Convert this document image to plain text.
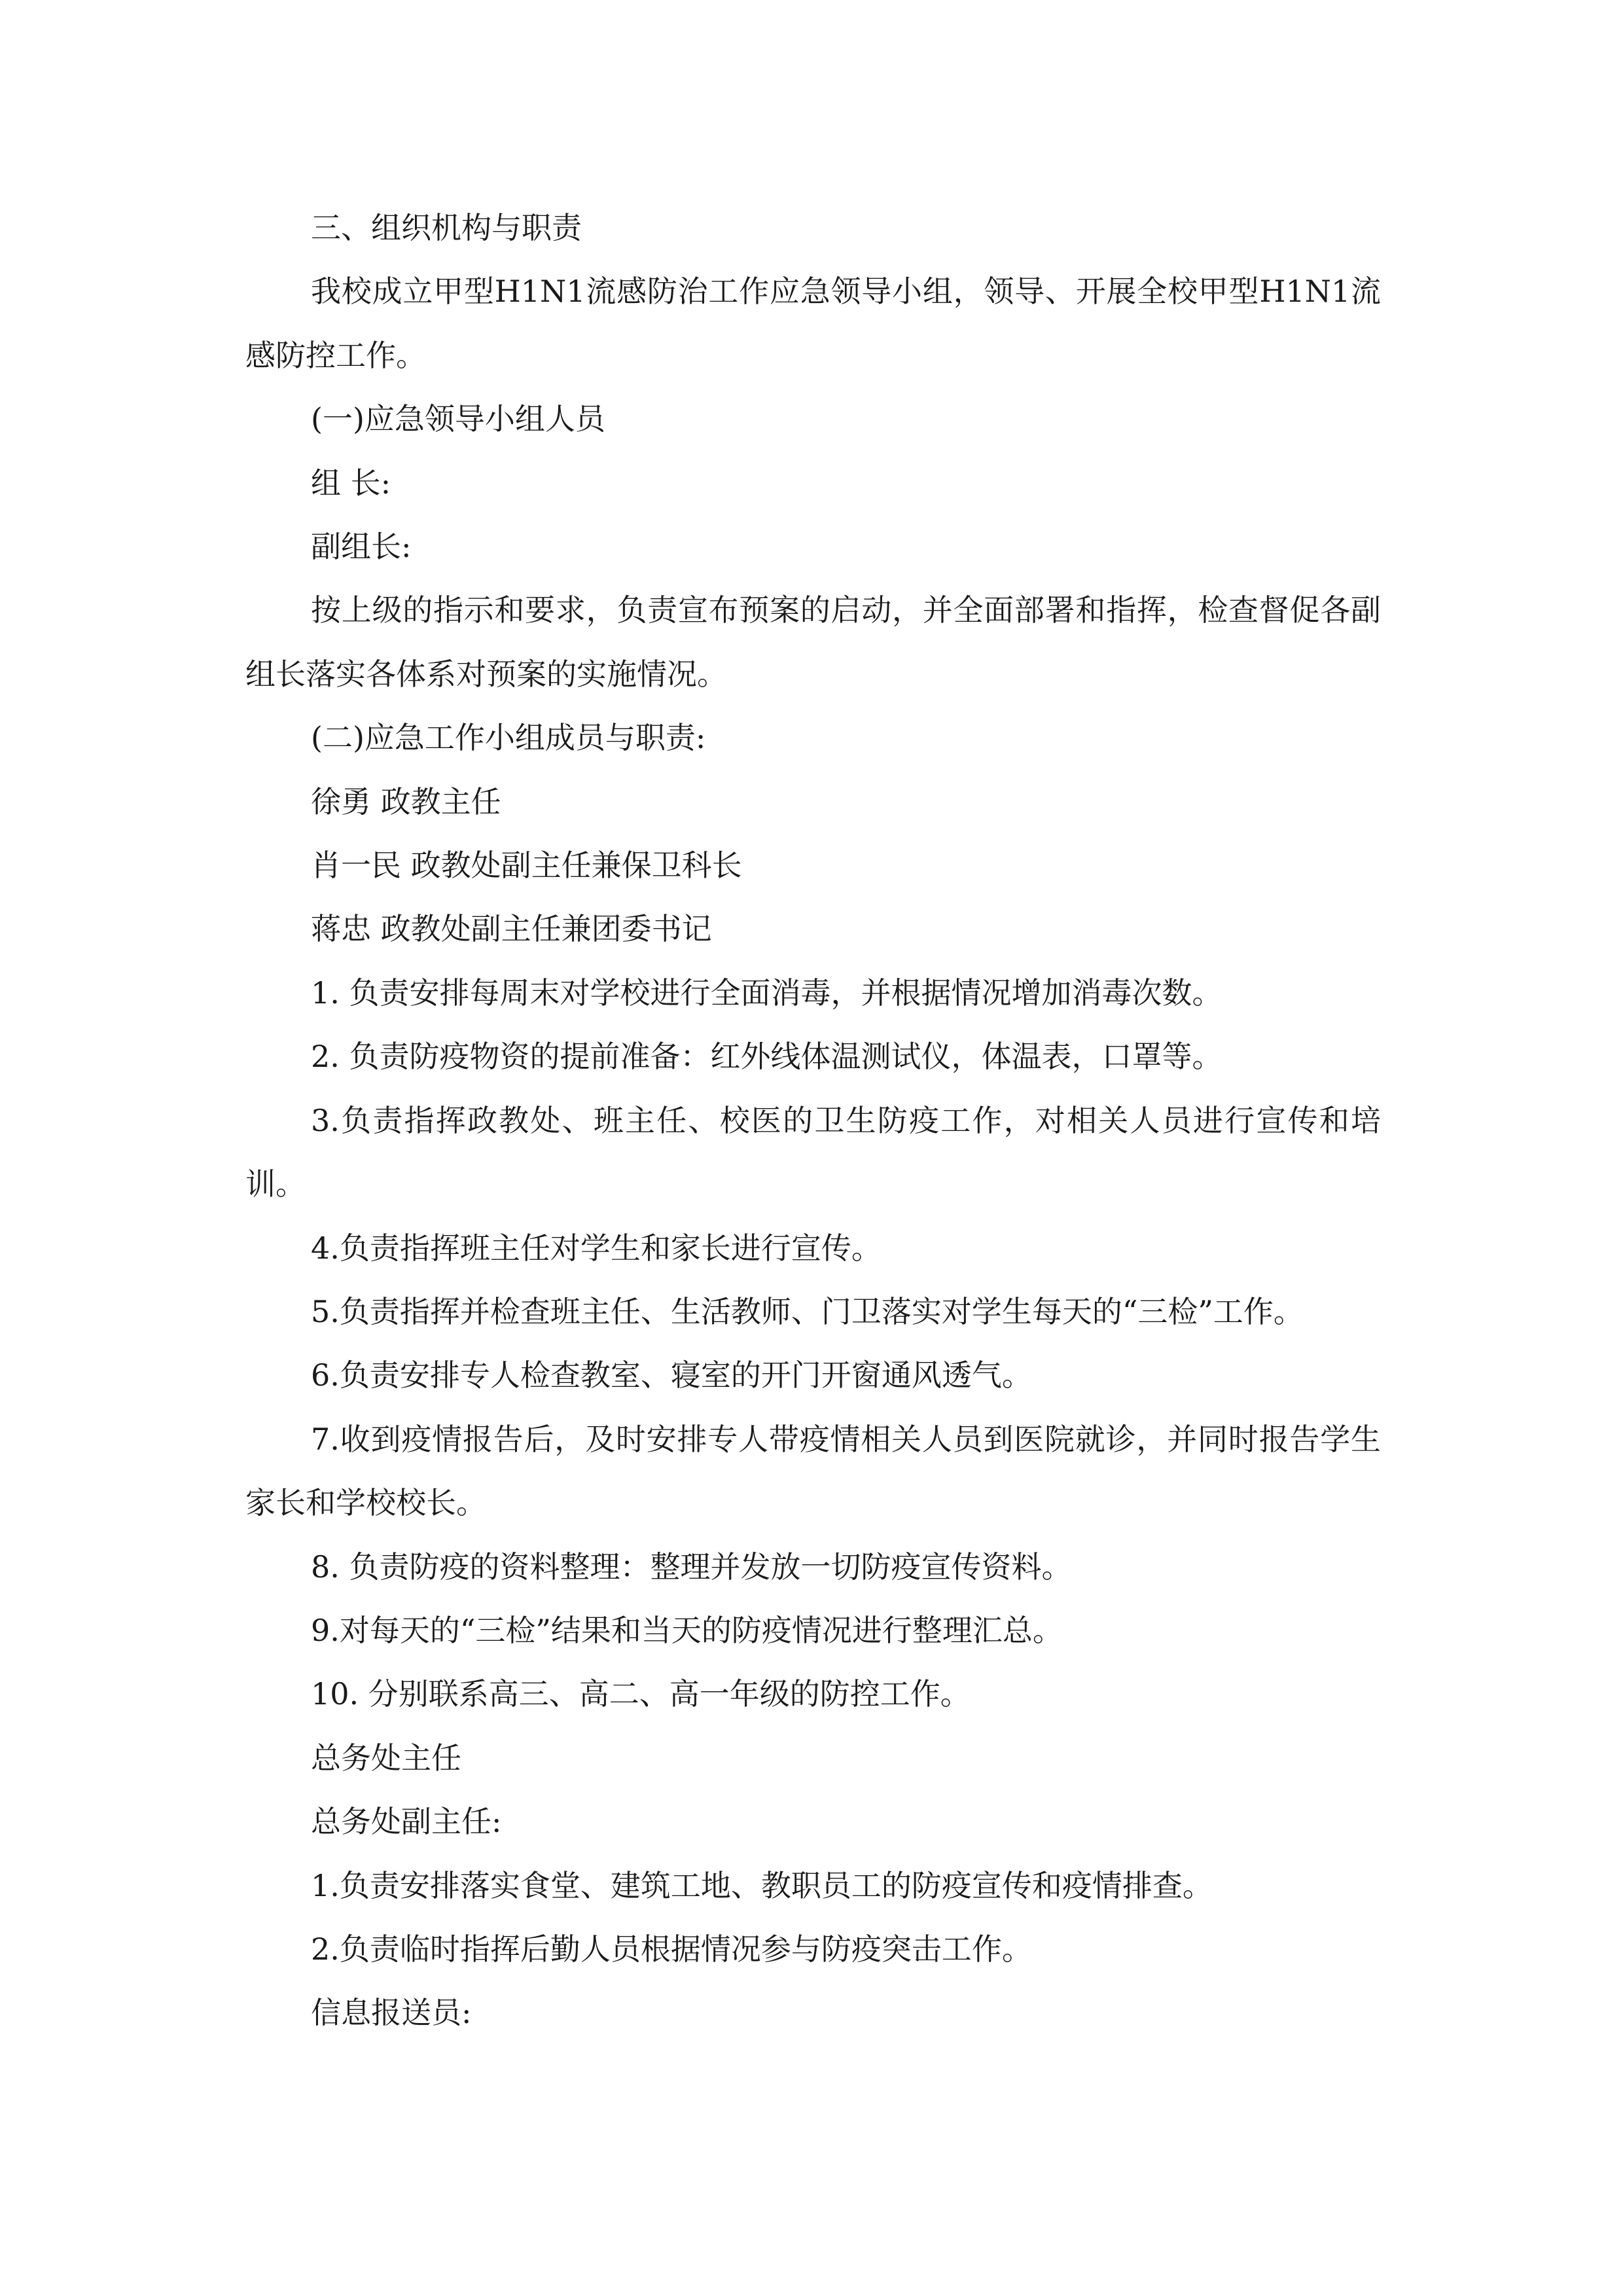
三、组织机构与职责

我校成立甲型H1N1流感防治工作应急领导小组，领导、开展全校甲型H1N1流感防控工作。

(一)应急领导小组人员

组 长:

副组长:

按上级的指示和要求，负责宣布预案的启动，并全面部署和指挥，检查督促各副组长落实各体系对预案的实施情况。

(二)应急工作小组成员与职责:

徐勇 政教主任

肖一民 政教处副主任兼保卫科长

蒋忠 政教处副主任兼团委书记

1. 负责安排每周末对学校进行全面消毒，并根据情况增加消毒次数。

2. 负责防疫物资的提前准备：红外线体温测试仪，体温表，口罩等。

3.负责指挥政教处、班主任、校医的卫生防疫工作，对相关人员进行宣传和培训。

4.负责指挥班主任对学生和家长进行宣传。

5.负责指挥并检查班主任、生活教师、门卫落实对学生每天的“三检”工作。

6.负责安排专人检查教室、寝室的开门开窗通风透气。

7.收到疫情报告后，及时安排专人带疫情相关人员到医院就诊，并同时报告学生家长和学校校长。

8. 负责防疫的资料整理：整理并发放一切防疫宣传资料。

9.对每天的“三检”结果和当天的防疫情况进行整理汇总。

10. 分别联系高三、高二、高一年级的防控工作。

总务处主任

总务处副主任:

1.负责安排落实食堂、建筑工地、教职员工的防疫宣传和疫情排查。

2.负责临时指挥后勤人员根据情况参与防疫突击工作。

信息报送员:
